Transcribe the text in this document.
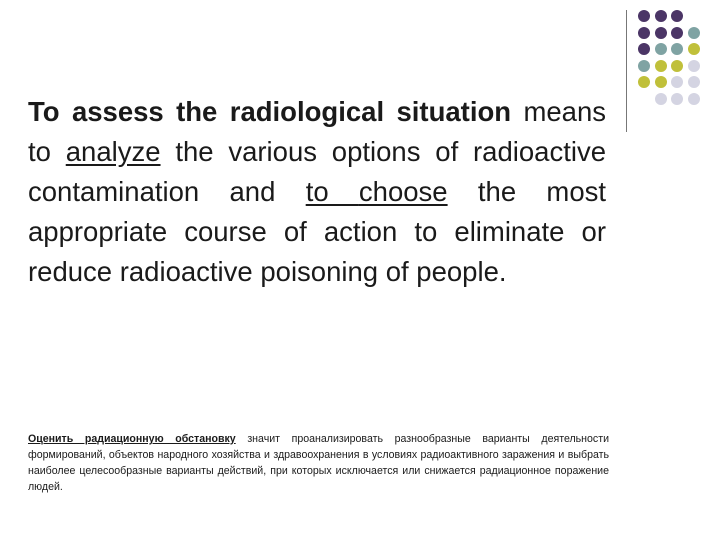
To assess the radiological situation means to analyze the various options of radioactive contamination and to choose the most appropriate course of action to eliminate or reduce radioactive poisoning of people.
Оценить радиационную обстановку значит проанализировать разнообразные варианты деятельности формирований, объектов народного хозяйства и здравоохранения в условиях радиоактивного заражения и выбрать наиболее целесообразные варианты действий, при которых исключается или снижается радиационное поражение людей.
